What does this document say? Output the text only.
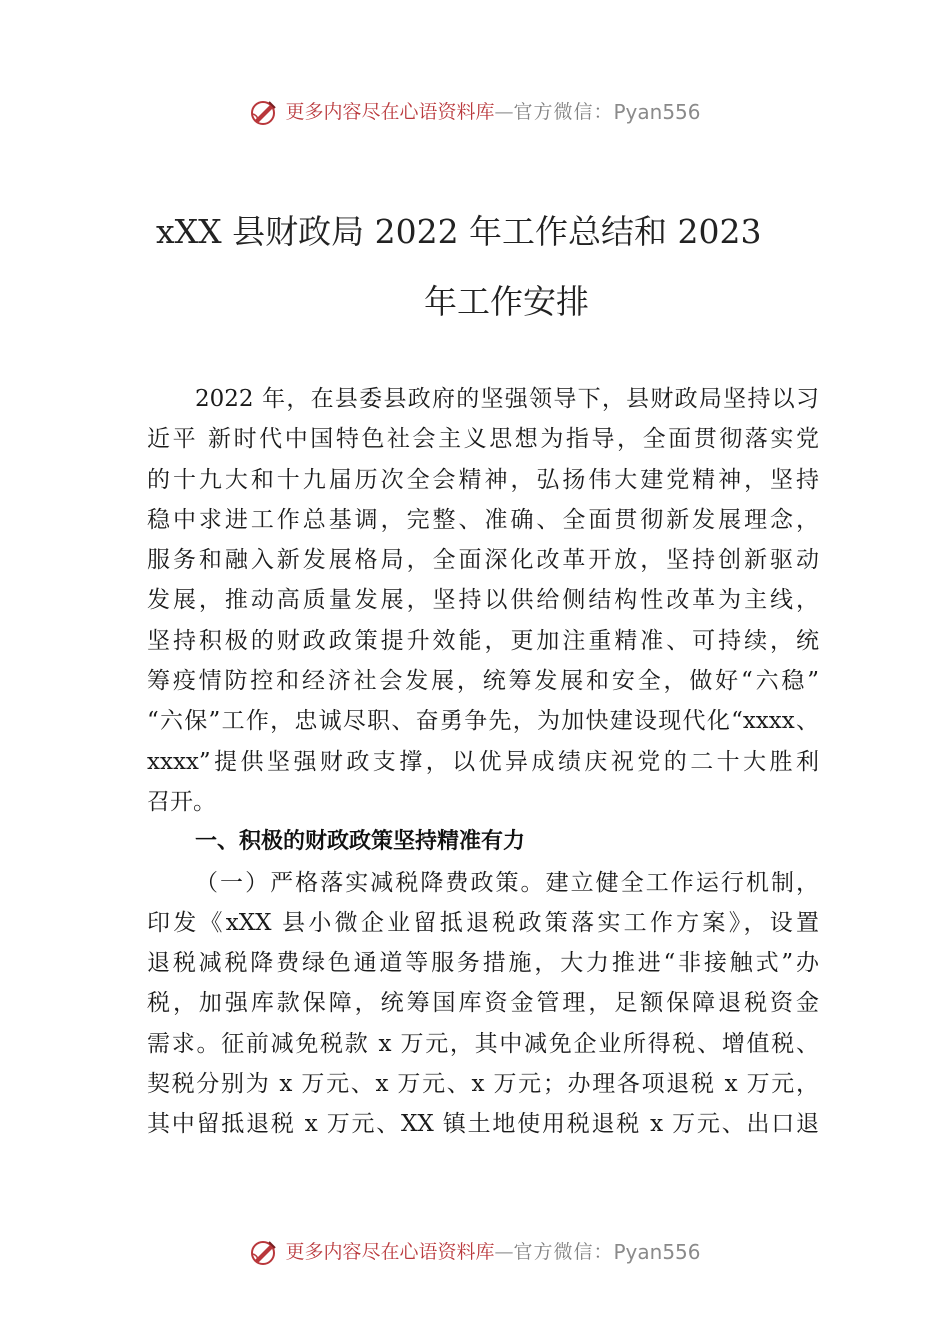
更多内容尽在心语资料库—官方微信：Pyan556
xXX 县财政局 2022 年工作总结和 2023
年工作安排
2022 年，在县委县政府的坚强领导下，县财政局坚持以习
近平 新时代中国特色社会主义思想为指导，全面贯彻落实党
的十九大和十九届历次全会精神，弘扬伟大建党精神，坚持
稳中求进工作总基调，完整、准确、全面贯彻新发展理念，
服务和融入新发展格局，全面深化改革开放，坚持创新驱动
发展，推动高质量发展，坚持以供给侧结构性改革为主线，
坚持积极的财政政策提升效能，更加注重精准、可持续，统
筹疫情防控和经济社会发展，统筹发展和安全，做好“六稳”
“六保”工作，忠诚尽职、奋勇争先，为加快建设现代化“xxxx、
xxxx”提供坚强财政支撑，以优异成绩庆祝党的二十大胜利
召开。
一、积极的财政政策坚持精准有力
（一）严格落实减税降费政策。建立健全工作运行机制，
印发《xXX 县小微企业留抵退税政策落实工作方案》，设置
退税减税降费绿色通道等服务措施，大力推进“非接触式”办
税，加强库款保障，统筹国库资金管理，足额保障退税资金
需求。征前减免税款 x 万元，其中减免企业所得税、增值税、
契税分别为 x 万元、x 万元、x 万元；办理各项退税 x 万元，
其中留抵退税 x 万元、XX 镇土地使用税退税 x 万元、出口退
更多内容尽在心语资料库—官方微信：Pyan556
